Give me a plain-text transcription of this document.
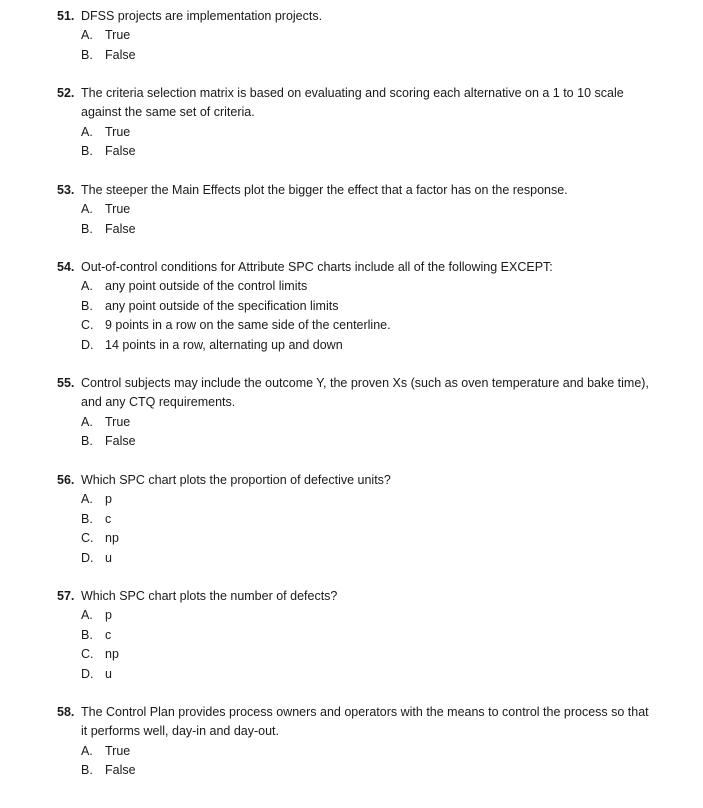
51. DFSS projects are implementation projects.
A. True
B. False
52. The criteria selection matrix is based on evaluating and scoring each alternative on a 1 to 10 scale against the same set of criteria.
A. True
B. False
53. The steeper the Main Effects plot the bigger the effect that a factor has on the response.
A. True
B. False
54. Out-of-control conditions for Attribute SPC charts include all of the following EXCEPT:
A. any point outside of the control limits
B. any point outside of the specification limits
C. 9 points in a row on the same side of the centerline.
D. 14 points in a row, alternating up and down
55. Control subjects may include the outcome Y, the proven Xs (such as oven temperature and bake time), and any CTQ requirements.
A. True
B. False
56. Which SPC chart plots the proportion of defective units?
A. p
B. c
C. np
D. u
57. Which SPC chart plots the number of defects?
A. p
B. c
C. np
D. u
58. The Control Plan provides process owners and operators with the means to control the process so that it performs well, day-in and day-out.
A. True
B. False
